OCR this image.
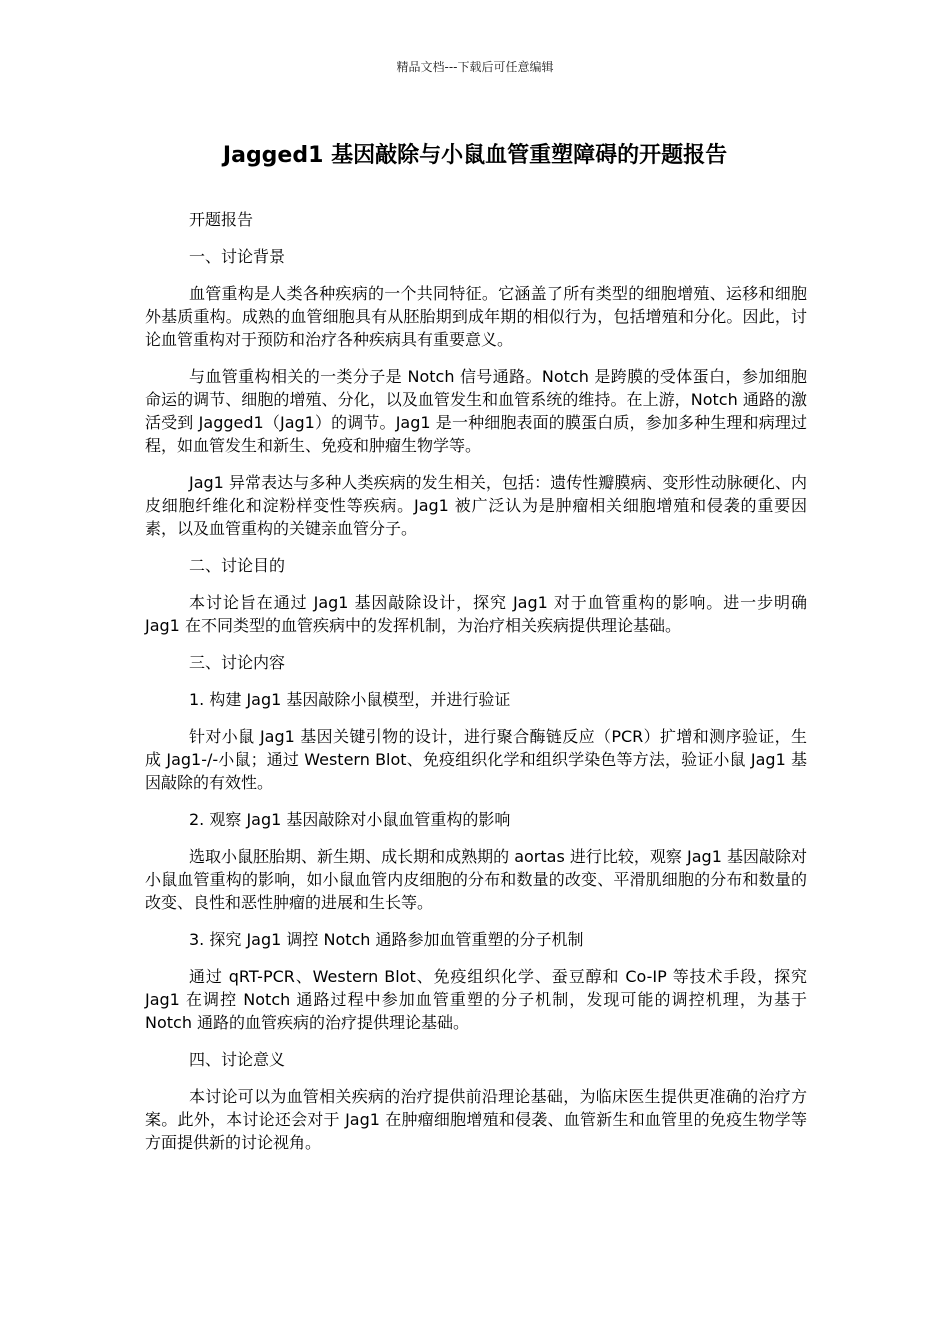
精品文档---下载后可任意编辑
Jagged1 基因敲除与小鼠血管重塑障碍的开题报告
开题报告
一、讨论背景

血管重构是人类各种疾病的一个共同特征。它涵盖了所有类型的细胞增殖、运移和细胞外基质重构。成熟的血管细胞具有从胚胎期到成年期的相似行为，包括增殖和分化。因此，讨论血管重构对于预防和治疗各种疾病具有重要意义。

与血管重构相关的一类分子是 Notch 信号通路。Notch 是跨膜的受体蛋白，参加细胞命运的调节、细胞的增殖、分化，以及血管发生和血管系统的维持。在上游，Notch 通路的激活受到 Jagged1（Jag1）的调节。Jag1 是一种细胞表面的膜蛋白质，参加多种生理和病理过程，如血管发生和新生、免疫和肿瘤生物学等。

Jag1 异常表达与多种人类疾病的发生相关，包括：遗传性瓣膜病、变形性动脉硬化、内皮细胞纤维化和淀粉样变性等疾病。Jag1 被广泛认为是肿瘤相关细胞增殖和侵袭的重要因素，以及血管重构的关键亲血管分子。

二、讨论目的

本讨论旨在通过 Jag1 基因敲除设计，探究 Jag1 对于血管重构的影响。进一步明确 Jag1 在不同类型的血管疾病中的发挥机制，为治疗相关疾病提供理论基础。

三、讨论内容
1. 构建 Jag1 基因敲除小鼠模型，并进行验证

针对小鼠 Jag1 基因关键引物的设计，进行聚合酶链反应（PCR）扩增和测序验证，生成 Jag1-/-小鼠；通过 Western Blot、免疫组织化学和组织学染色等方法，验证小鼠 Jag1 基因敲除的有效性。

2. 观察 Jag1 基因敲除对小鼠血管重构的影响

选取小鼠胚胎期、新生期、成长期和成熟期的 aortas 进行比较，观察 Jag1 基因敲除对小鼠血管重构的影响，如小鼠血管内皮细胞的分布和数量的改变、平滑肌细胞的分布和数量的改变、良性和恶性肿瘤的进展和生长等。

3. 探究 Jag1 调控 Notch 通路参加血管重塑的分子机制

通过 qRT-PCR、Western Blot、免疫组织化学、蚕豆醇和 Co-IP 等技术手段，探究 Jag1 在调控 Notch 通路过程中参加血管重塑的分子机制，发现可能的调控机理，为基于 Notch 通路的血管疾病的治疗提供理论基础。

四、讨论意义

本讨论可以为血管相关疾病的治疗提供前沿理论基础，为临床医生提供更准确的治疗方案。此外，本讨论还会对于 Jag1 在肿瘤细胞增殖和侵袭、血管新生和血管里的免疫生物学等方面提供新的讨论视角。
